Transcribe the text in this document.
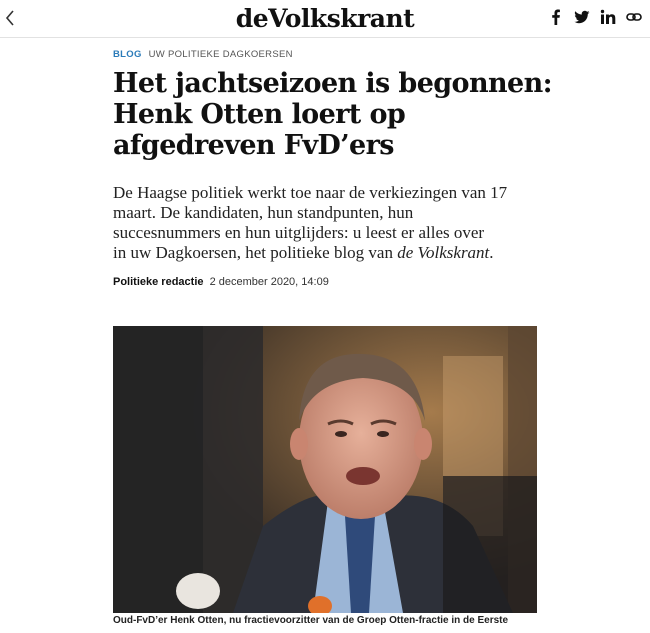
deVolkskrant
BLOG UW POLITIEKE DAGKOERSEN
Het jachtseizoen is begonnen:
Henk Otten loert op
afgedreven FvD’ers

De Haagse politiek werkt toe naar de verkiezingen van 17
maart. De kandidaten, hun standpunten, hun
succesnummers en hun uitglijders: u leest er alles over
in uw Dagkoersen, het politieke blog van de Volkskrant.

Politieke redactie 2 december 2020, 14:09
Oud-FvD’er Henk Otten, nu fractievoorzitter van de Groep Otten-fractie in de Eerste
